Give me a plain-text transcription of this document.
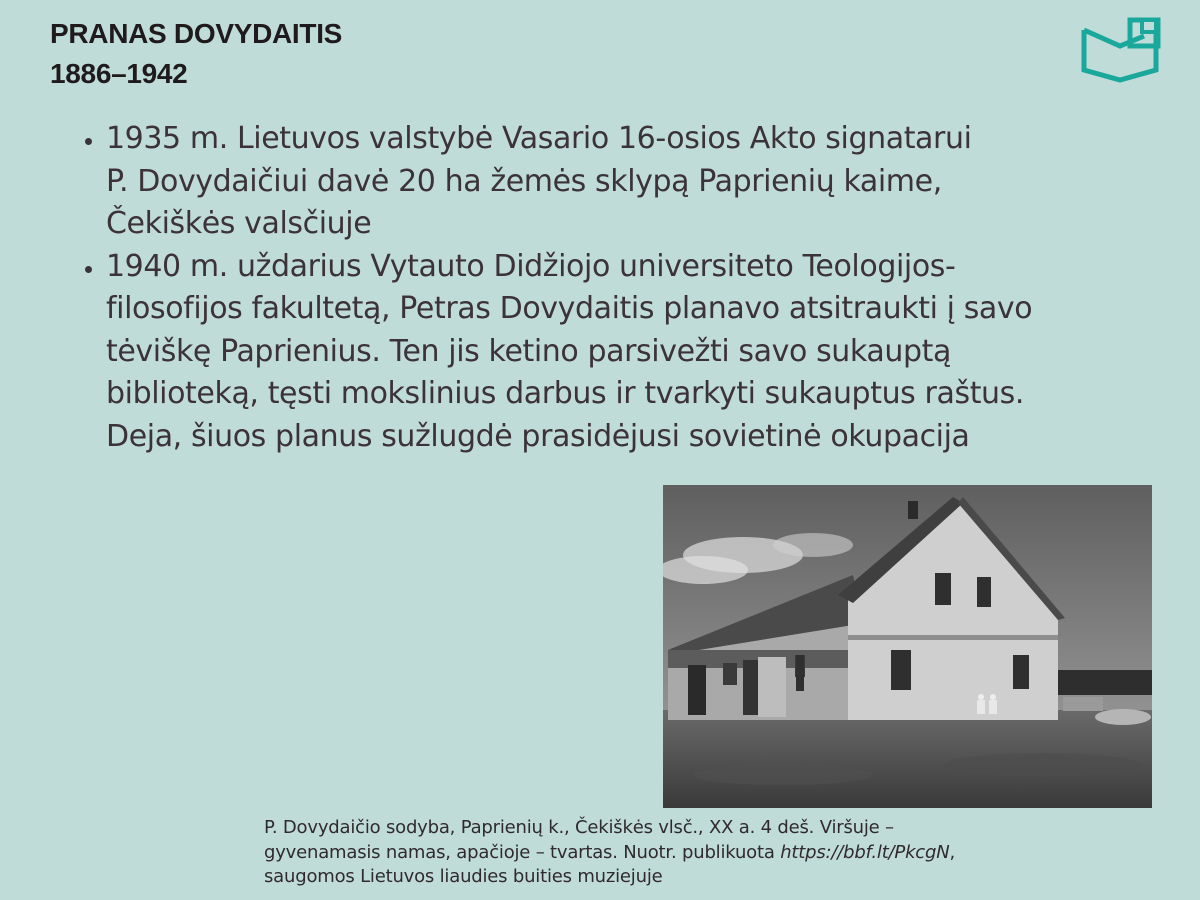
PRANAS DOVYDAITIS
1886–1942
• 1935 m. Lietuvos valstybė Vasario 16-osios Akto signatarui
P. Dovydaičiui davė 20 ha žemės sklypą Paprienių kaime,
Čekiškės valsčiuje
• 1940 m. uždarius Vytauto Didžiojo universiteto Teologijos-
filosofijos fakultetą, Petras Dovydaitis planavo atsitraukti į savo
tėviškę Paprienius. Ten jis ketino parsivežti savo sukauptą
biblioteką, tęsti mokslinius darbus ir tvarkyti sukauptus raštus.
Deja, šiuos planus sužlugdė prasidėjusi sovietinė okupacija
P. Dovydaičio sodyba, Paprienių k., Čekiškės vlsč., XX a. 4 deš. Viršuje –
gyvenamasis namas, apačioje – tvartas. Nuotr. publikuota https://bbf.lt/PkcgN,
saugomos Lietuvos liaudies buities muziejuje
